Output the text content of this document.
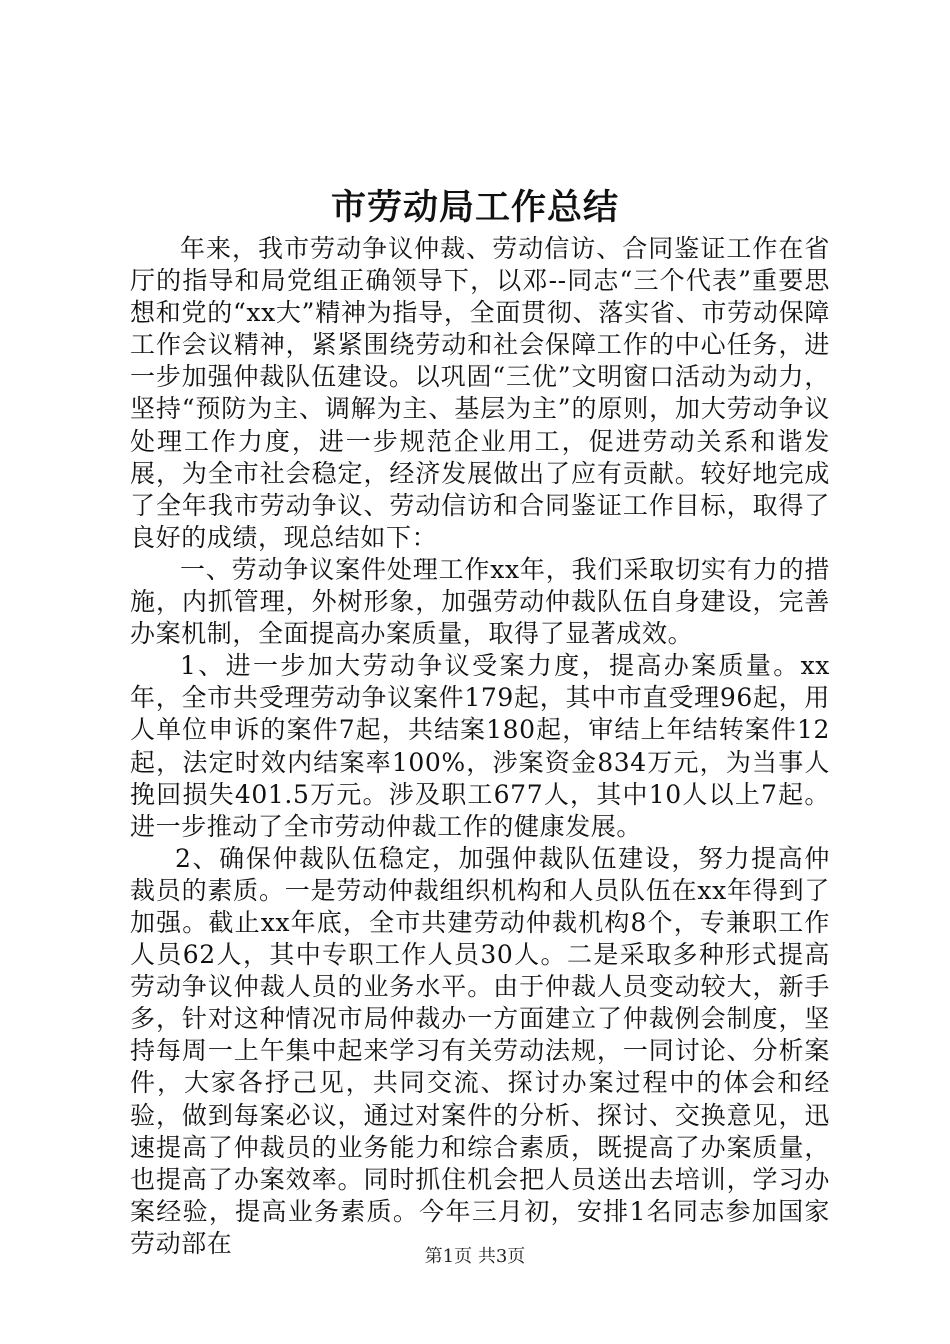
市劳动局工作总结

年来，我市劳动争议仲裁、劳动信访、合同鉴证工作在省厅的指导和局党组正确领导下，以邓--同志“三个代表”重要思想和党的“xx大”精神为指导，全面贯彻、落实省、市劳动保障工作会议精神，紧紧围绕劳动和社会保障工作的中心任务，进一步加强仲裁队伍建设。以巩固“三优”文明窗口活动为动力，坚持“预防为主、调解为主、基层为主”的原则，加大劳动争议处理工作力度，进一步规范企业用工，促进劳动关系和谐发展，为全市社会稳定，经济发展做出了应有贡献。较好地完成了全年我市劳动争议、劳动信访和合同鉴证工作目标，取得了良好的成绩，现总结如下：

一、劳动争议案件处理工作xx年，我们采取切实有力的措施，内抓管理，外树形象，加强劳动仲裁队伍自身建设，完善办案机制，全面提高办案质量，取得了显著成效。

1、进一步加大劳动争议受案力度，提高办案质量。xx年，全市共受理劳动争议案件179起，其中市直受理96起，用人单位申诉的案件7起，共结案180起，审结上年结转案件12起，法定时效内结案率100%，涉案资金834万元，为当事人挽回损失401.5万元。涉及职工677人，其中10人以上7起。进一步推动了全市劳动仲裁工作的健康发展。

2、确保仲裁队伍稳定，加强仲裁队伍建设，努力提高仲裁员的素质。一是劳动仲裁组织机构和人员队伍在xx年得到了加强。截止xx年底，全市共建劳动仲裁机构8个，专兼职工作人员62人，其中专职工作人员30人。二是采取多种形式提高劳动争议仲裁人员的业务水平。由于仲裁人员变动较大，新手多，针对这种情况市局仲裁办一方面建立了仲裁例会制度，坚持每周一上午集中起来学习有关劳动法规，一同讨论、分析案件，大家各抒己见，共同交流、探讨办案过程中的体会和经验，做到每案必议，通过对案件的分析、探讨、交换意见，迅速提高了仲裁员的业务能力和综合素质，既提高了办案质量，也提高了办案效率。同时抓住机会把人员送出去培训，学习办案经验，提高业务素质。今年三月初，安排1名同志参加国家劳动部在	第1页 共3页
